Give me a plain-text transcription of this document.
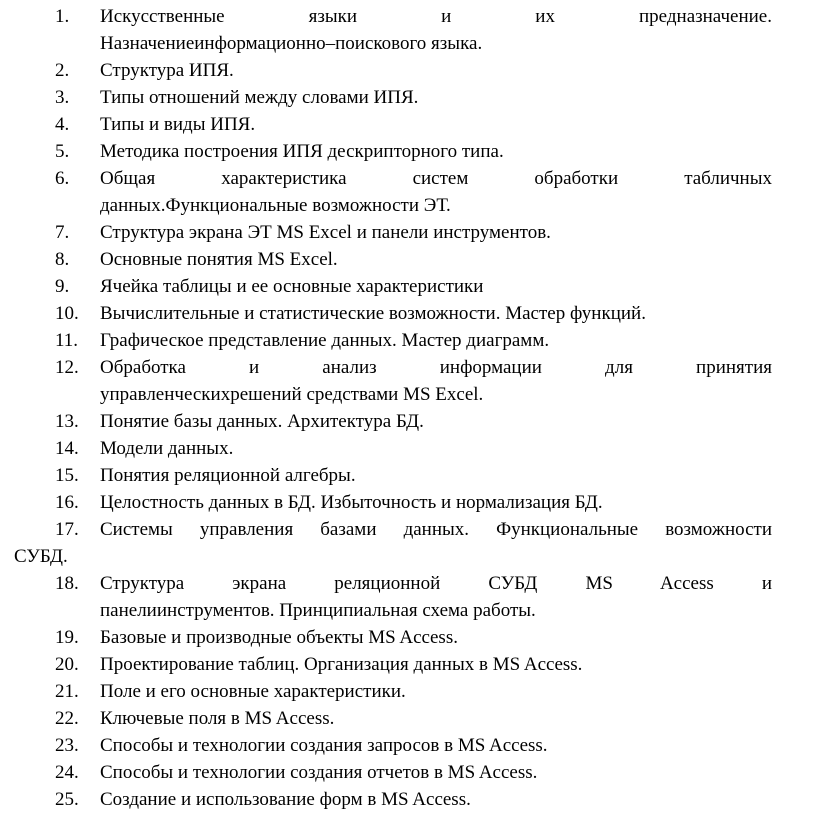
1. Искусственные языки и их предназначение.
Назначениеинформационно–поискового языка.
2. Структура ИПЯ.
3. Типы отношений между словами ИПЯ.
4. Типы и виды ИПЯ.
5. Методика построения ИПЯ дескрипторного типа.
6. Общая характеристика систем обработки табличных
данных.Функциональные возможности ЭТ.
7. Структура экрана ЭТ MS Excel и панели инструментов.
8. Основные понятия MS Excel.
9. Ячейка таблицы и ее основные характеристики
10. Вычислительные и статистические возможности. Мастер функций.
11. Графическое представление данных. Мастер диаграмм.
12. Обработка и анализ информации для принятия
управленческихрешений средствами MS Excel.
13. Понятие базы данных. Архитектура БД.
14. Модели данных.
15. Понятия реляционной алгебры.
16. Целостность данных в БД. Избыточность и нормализация БД.
17. Системы управления базами данных. Функциональные возможности
СУБД.
18. Структура экрана реляционной СУБД MS Access и
панелиинструментов. Принципиальная схема работы.
19. Базовые и производные объекты MS Access.
20. Проектирование таблиц. Организация данных в MS Access.
21. Поле и его основные характеристики.
22. Ключевые поля в MS Access.
23. Способы и технологии создания запросов в MS Access.
24. Способы и технологии создания отчетов в MS Access.
25. Создание и использование форм в MS Access.
